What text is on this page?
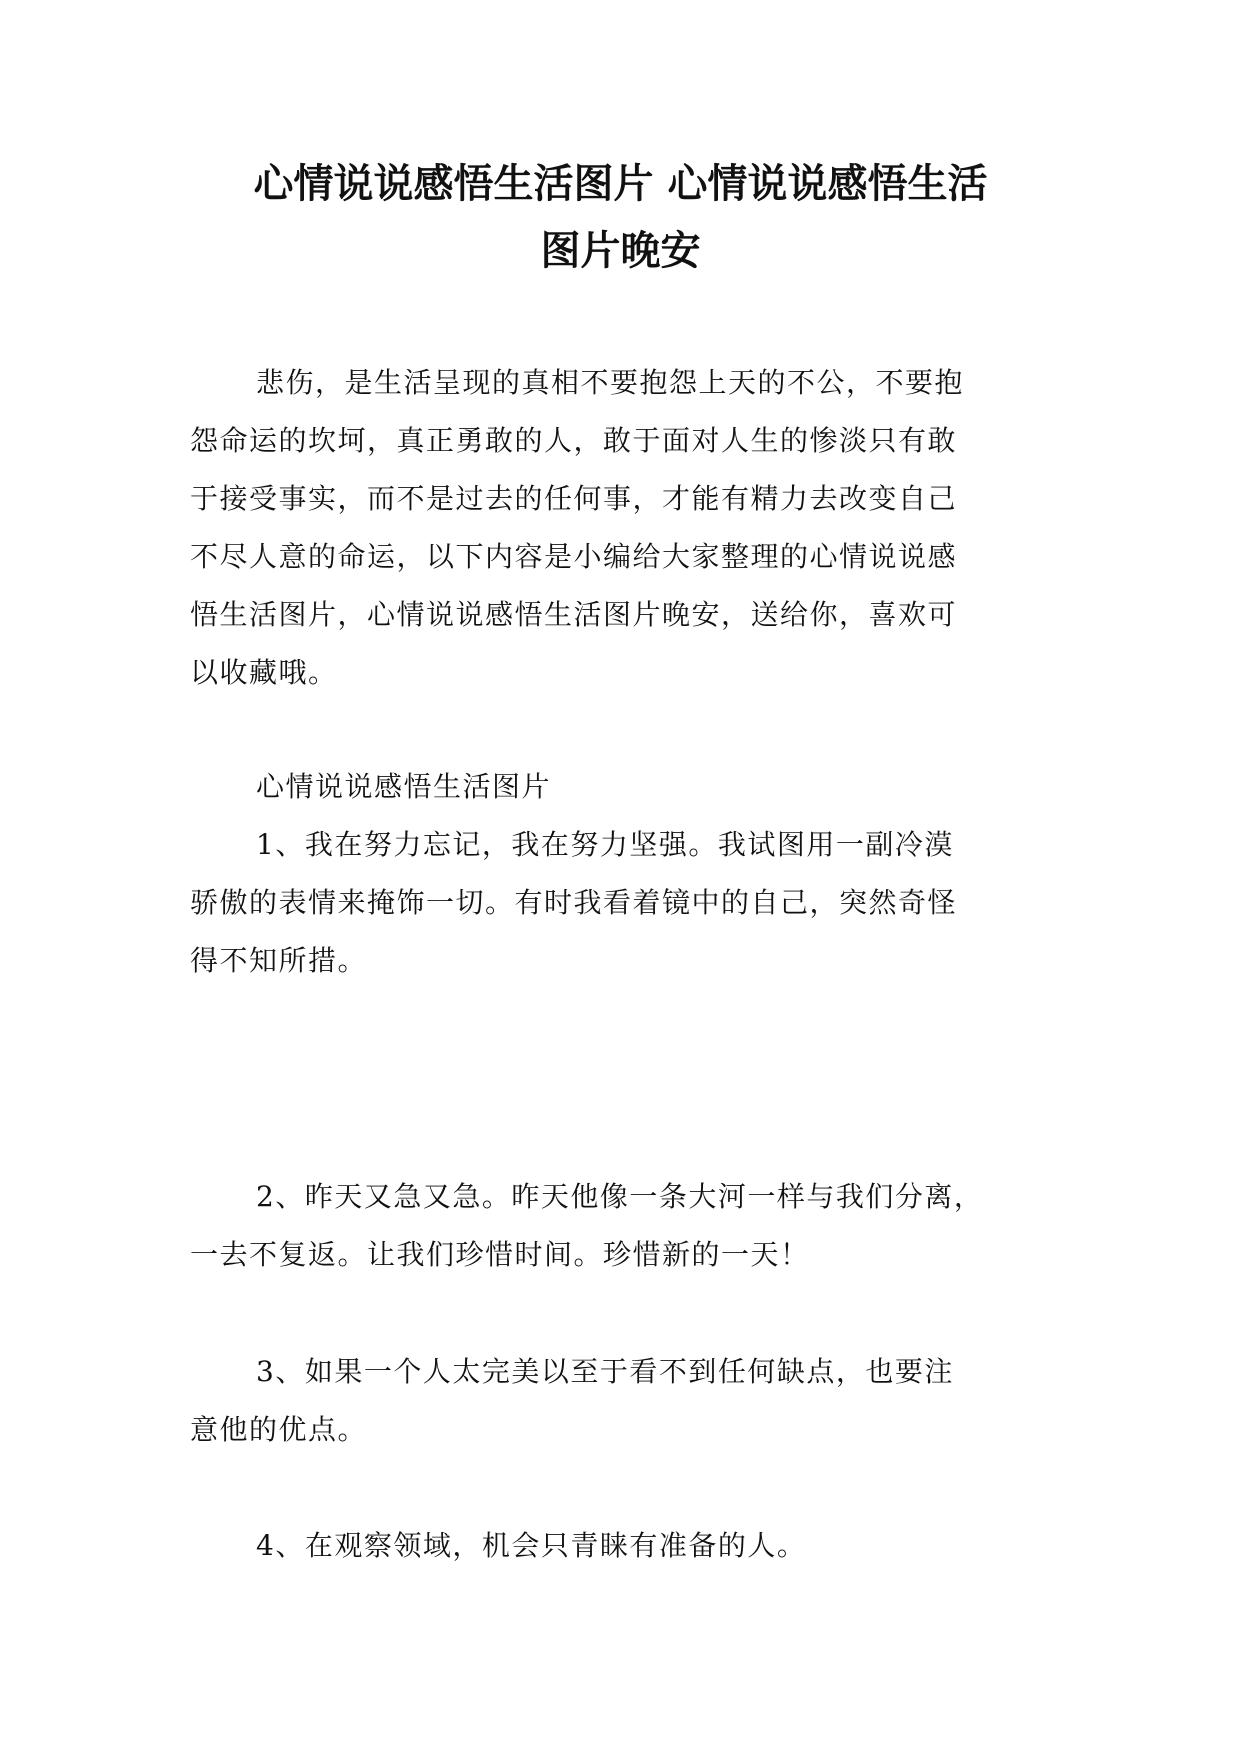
心情说说感悟生活图片 心情说说感悟生活
图片晚安
悲伤，是生活呈现的真相不要抱怨上天的不公，不要抱
怨命运的坎坷，真正勇敢的人，敢于面对人生的惨淡只有敢
于接受事实，而不是过去的任何事，才能有精力去改变自己
不尽人意的命运，以下内容是小编给大家整理的心情说说感
悟生活图片，心情说说感悟生活图片晚安，送给你，喜欢可
以收藏哦。
心情说说感悟生活图片
1、我在努力忘记，我在努力坚强。我试图用一副冷漠
骄傲的表情来掩饰一切。有时我看着镜中的自己，突然奇怪
得不知所措。
2、昨天又急又急。昨天他像一条大河一样与我们分离，
一去不复返。让我们珍惜时间。珍惜新的一天！
3、如果一个人太完美以至于看不到任何缺点，也要注
意他的优点。
4、在观察领域，机会只青睐有准备的人。
